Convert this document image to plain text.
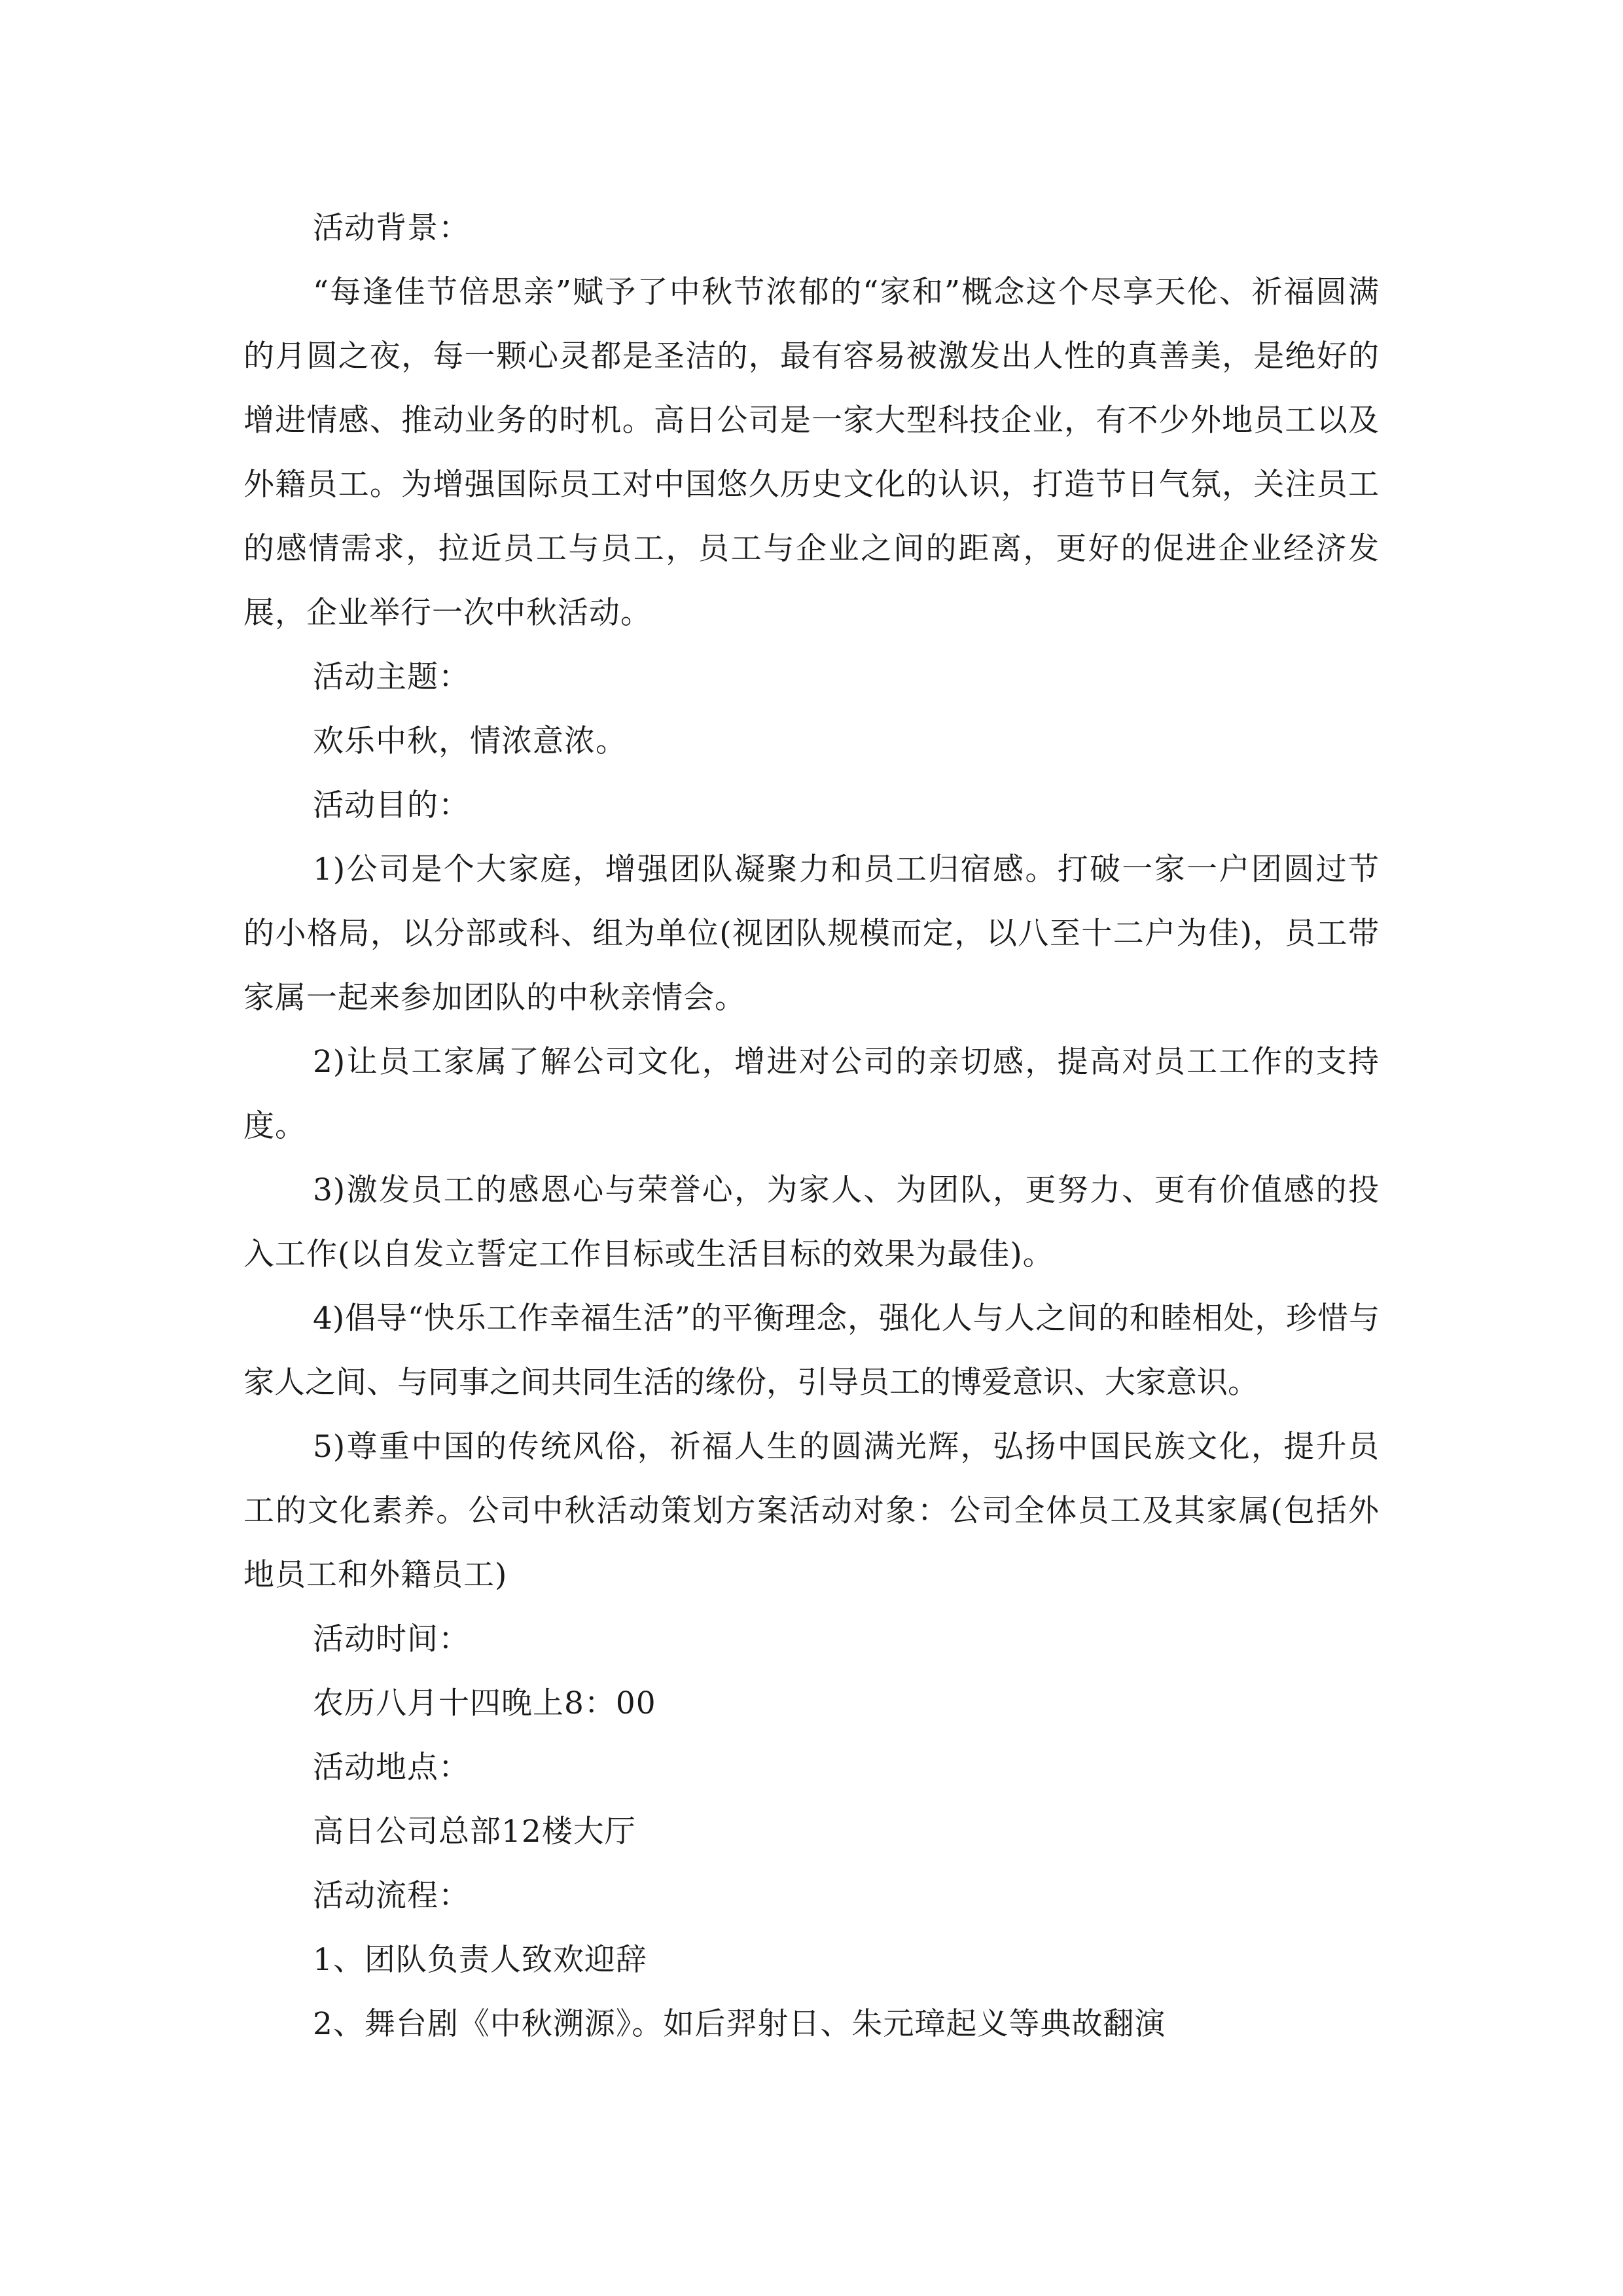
活动背景：

“每逢佳节倍思亲”赋予了中秋节浓郁的“家和”概念这个尽享天伦、祈福圆满的月圆之夜，每一颗心灵都是圣洁的，最有容易被激发出人性的真善美，是绝好的增进情感、推动业务的时机。高日公司是一家大型科技企业，有不少外地员工以及外籍员工。为增强国际员工对中国悠久历史文化的认识，打造节日气氛，关注员工的感情需求，拉近员工与员工，员工与企业之间的距离，更好的促进企业经济发展，企业举行一次中秋活动。

活动主题：

欢乐中秋，情浓意浓。

活动目的：

1)公司是个大家庭，增强团队凝聚力和员工归宿感。打破一家一户团圆过节的小格局，以分部或科、组为单位(视团队规模而定，以八至十二户为佳)，员工带家属一起来参加团队的中秋亲情会。

2)让员工家属了解公司文化，增进对公司的亲切感，提高对员工工作的支持度。

3)激发员工的感恩心与荣誉心，为家人、为团队，更努力、更有价值感的投入工作(以自发立誓定工作目标或生活目标的效果为最佳)。

4)倡导“快乐工作幸福生活”的平衡理念，强化人与人之间的和睦相处，珍惜与家人之间、与同事之间共同生活的缘份，引导员工的博爱意识、大家意识。

5)尊重中国的传统风俗，祈福人生的圆满光辉，弘扬中国民族文化，提升员工的文化素养。公司中秋活动策划方案活动对象：公司全体员工及其家属(包括外地员工和外籍员工)

活动时间：

农历八月十四晚上8：00

活动地点：

高日公司总部12楼大厅

活动流程：

1、团队负责人致欢迎辞

2、舞台剧《中秋溯源》。如后羿射日、朱元璋起义等典故翻演
